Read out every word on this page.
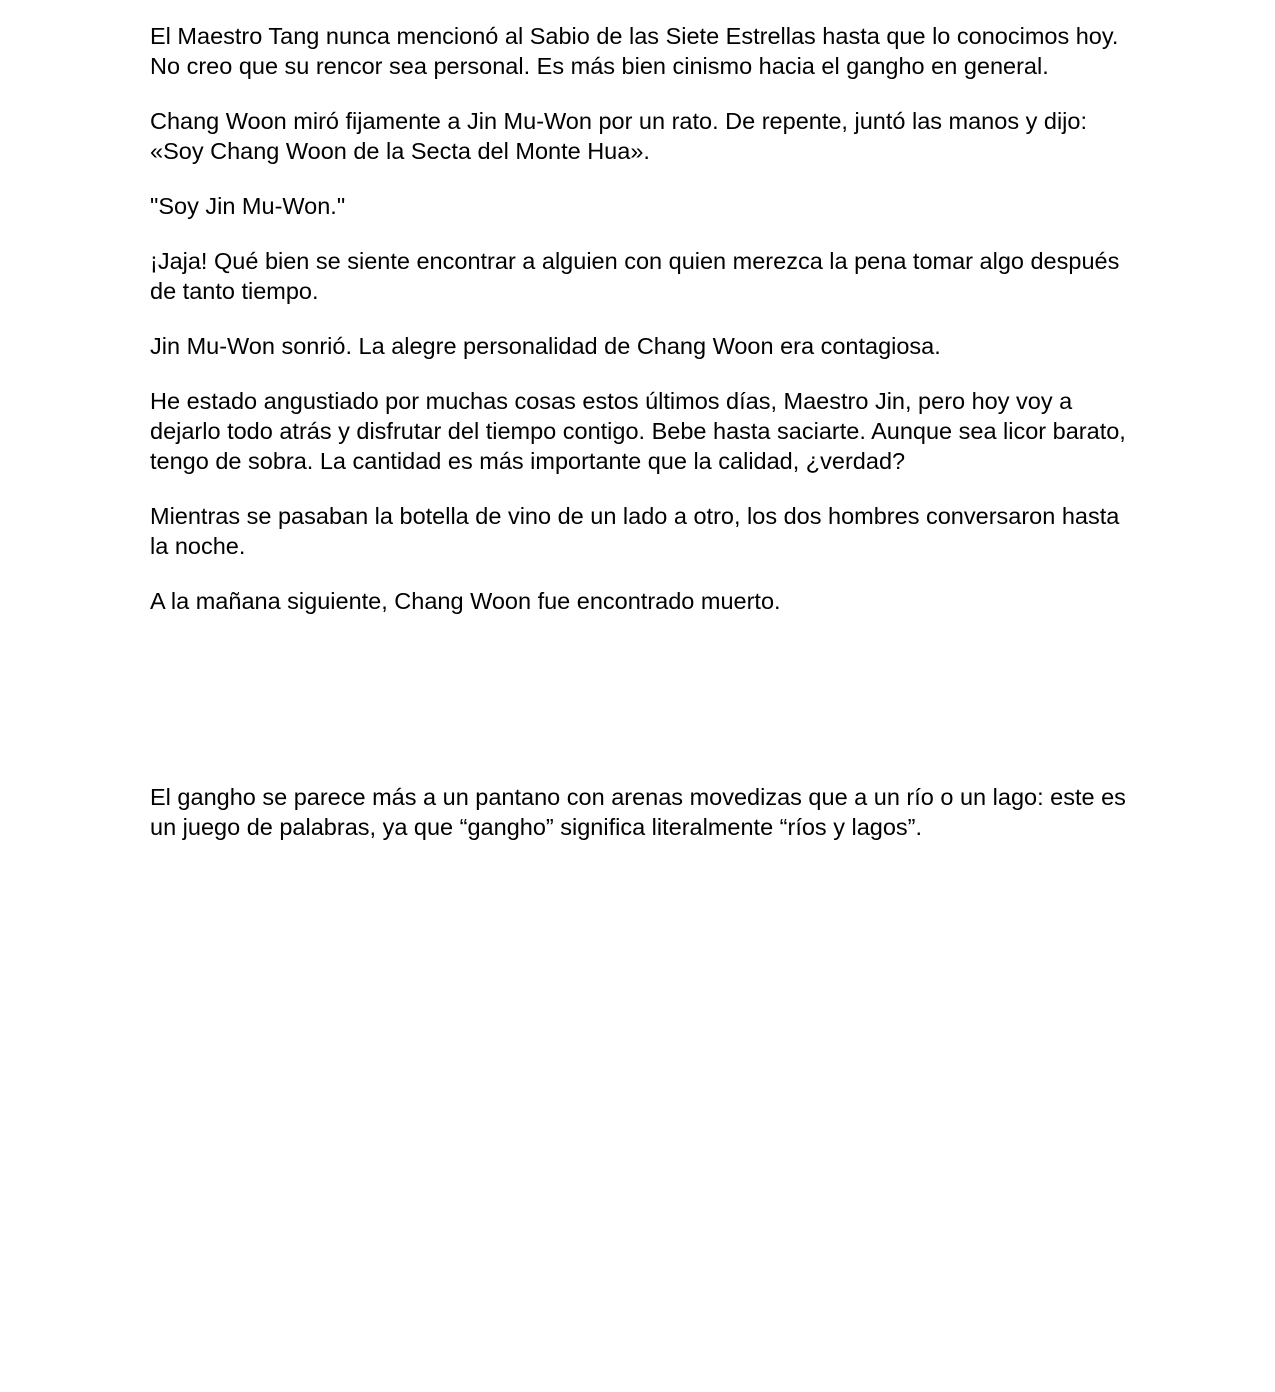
El Maestro Tang nunca mencionó al Sabio de las Siete Estrellas hasta que lo conocimos hoy. No creo que su rencor sea personal. Es más bien cinismo hacia el gangho en general.

Chang Woon miró fijamente a Jin Mu-Won por un rato. De repente, juntó las manos y dijo: «Soy Chang Woon de la Secta del Monte Hua».

"Soy Jin Mu-Won."

¡Jaja! Qué bien se siente encontrar a alguien con quien merezca la pena tomar algo después de tanto tiempo.

Jin Mu-Won sonrió. La alegre personalidad de Chang Woon era contagiosa.

He estado angustiado por muchas cosas estos últimos días, Maestro Jin, pero hoy voy a dejarlo todo atrás y disfrutar del tiempo contigo. Bebe hasta saciarte. Aunque sea licor barato, tengo de sobra. La cantidad es más importante que la calidad, ¿verdad?

Mientras se pasaban la botella de vino de un lado a otro, los dos hombres conversaron hasta la noche.

A la mañana siguiente, Chang Woon fue encontrado muerto.

El gangho se parece más a un pantano con arenas movedizas que a un río o un lago: este es un juego de palabras, ya que “gangho” significa literalmente “ríos y lagos”.
